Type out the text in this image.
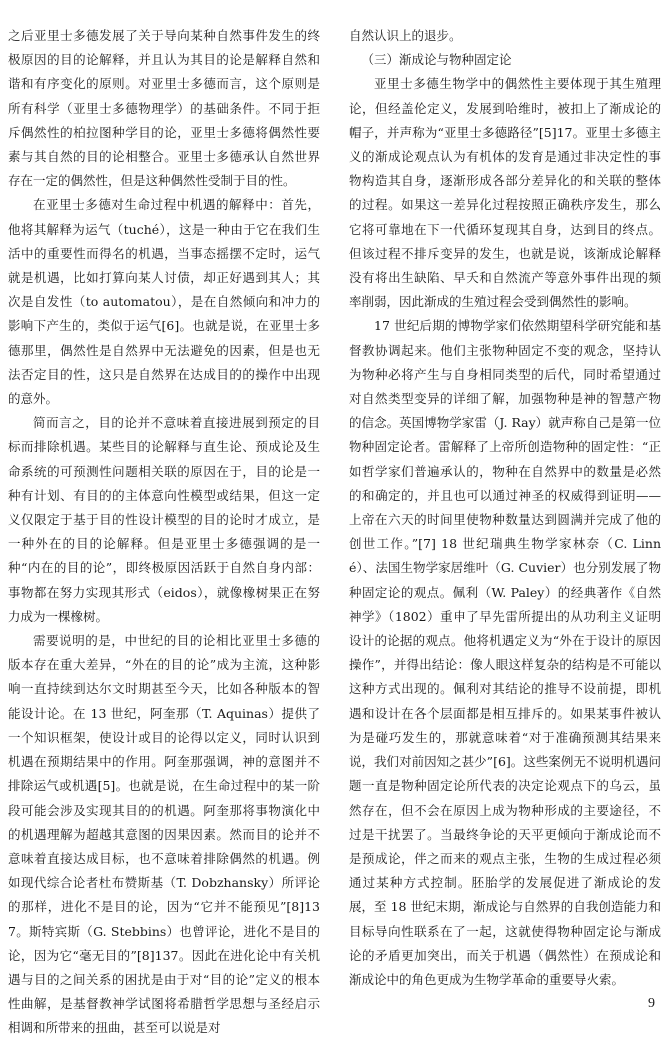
之后亚里士多德发展了关于导向某种自然事件发生的终极原因的目的论解释，并且认为其目的论是解释自然和谐和有序变化的原则。对亚里士多德而言，这个原则是所有科学（亚里士多德物理学）的基础条件。不同于拒斥偶然性的柏拉图种学目的论，亚里士多德将偶然性要素与其自然的目的论相整合。亚里士多德承认自然世界存在一定的偶然性，但是这种偶然性受制于目的性。

在亚里士多德对生命过程中机遇的解释中：首先，他将其解释为运气（tuché），这是一种由于它在我们生活中的重要性而得名的机遇，当事态摇摆不定时，运气就是机遇，比如打算向某人讨债，却正好遇到其人；其次是自发性（to automatou），是在自然倾向和冲力的影响下产生的，类似于运气[6]。也就是说，在亚里士多德那里，偶然性是自然界中无法避免的因素，但是也无法否定目的性，这只是自然界在达成目的的操作中出现的意外。

简而言之，目的论并不意味着直接进展到预定的目标而排除机遇。某些目的论解释与直生论、预成论及生命系统的可预测性问题相关联的原因在于，目的论是一种有计划、有目的的主体意向性模型或结果，但这一定义仅限定于基于目的性设计模型的目的论时才成立，是一种外在的目的论解释。但是亚里士多德强调的是一种“内在的目的论”，即终极原因活跃于自然自身内部：事物都在努力实现其形式（eidos），就像橡树果正在努力成为一棵橡树。

需要说明的是，中世纪的目的论相比亚里士多德的版本存在重大差异，“外在的目的论”成为主流，这种影响一直持续到达尔文时期甚至今天，比如各种版本的智能设计论。在 13 世纪，阿奎那（T. Aquinas）提供了一个知识框架，使设计或目的论得以定义，同时认识到机遇在预期结果中的作用。阿奎那强调，神的意图并不排除运气或机遇[5]。也就是说，在生命过程中的某一阶段可能会涉及实现其目的的机遇。阿奎那将事物演化中的机遇理解为超越其意图的因果因素。然而目的论并不意味着直接达成目标，也不意味着排除偶然的机遇。例如现代综合论者杜布赞斯基（T. Dobzhansky）所评论的那样，进化不是目的论，因为“它并不能预见”[8]137。斯特宾斯（G. Stebbins）也曾评论，进化不是目的论，因为它“毫无目的”[8]137。因此在进化论中有关机遇与目的之间关系的困扰是由于对“目的论”定义的根本性曲解，是基督教神学试图将希腊哲学思想与圣经启示相调和所带来的扭曲，甚至可以说是对

自然认识上的退步。

（三）渐成论与物种固定论

亚里士多德生物学中的偶然性主要体现于其生殖理论，但经盖伦定义，发展到哈维时，被扣上了渐成论的帽子，并声称为“亚里士多德路径”[5]17。亚里士多德主义的渐成论观点认为有机体的发育是通过非决定性的事物构造其自身，逐渐形成各部分差异化的和关联的整体的过程。如果这一差异化过程按照正确秩序发生，那么它将可靠地在下一代循环复现其自身，达到目的终点。但该过程不排斥变异的发生，也就是说，该渐成论解释没有将出生缺陷、早夭和自然流产等意外事件出现的频率削弱，因此渐成的生殖过程会受到偶然性的影响。

17 世纪后期的博物学家们依然期望科学研究能和基督教协调起来。他们主张物种固定不变的观念，坚持认为物种必将产生与自身相同类型的后代，同时希望通过对自然类型变异的详细了解，加强物种是神的智慧产物的信念。英国博物学家雷（J. Ray）就声称自己是第一位物种固定论者。雷解释了上帝所创造物种的固定性：“正如哲学家们普遍承认的，物种在自然界中的数量是必然的和确定的，并且也可以通过神圣的权威得到证明——上帝在六天的时间里使物种数量达到圆满并完成了他的创世工作。”[7] 18 世纪瑞典生物学家林奈（C. Linné）、法国生物学家居维叶（G. Cuvier）也分别发展了物种固定论的观点。佩利（W. Paley）的经典著作《自然神学》（1802）重申了早先雷所提出的从功利主义证明设计的论据的观点。他将机遇定义为“外在于设计的原因操作”，并得出结论：像人眼这样复杂的结构是不可能以这种方式出现的。佩利对其结论的推导不设前提，即机遇和设计在各个层面都是相互排斥的。如果某事件被认为是碰巧发生的，那就意味着“对于准确预测其结果来说，我们对前因知之甚少”[6]。这些案例无不说明机遇问题一直是物种固定论所代表的决定论观点下的乌云，虽然存在，但不会在原因上成为物种形成的主要途径，不过是干扰罢了。当最终争论的天平更倾向于渐成论而不是预成论，伴之而来的观点主张，生物的生成过程必须通过某种方式控制。胚胎学的发展促进了渐成论的发展，至 18 世纪末期，渐成论与自然界的自我创造能力和目标导向性联系在了一起，这就使得物种固定论与渐成论的矛盾更加突出，而关于机遇（偶然性）在预成论和渐成论中的角色更成为生物学革命的重要导火索。

9
